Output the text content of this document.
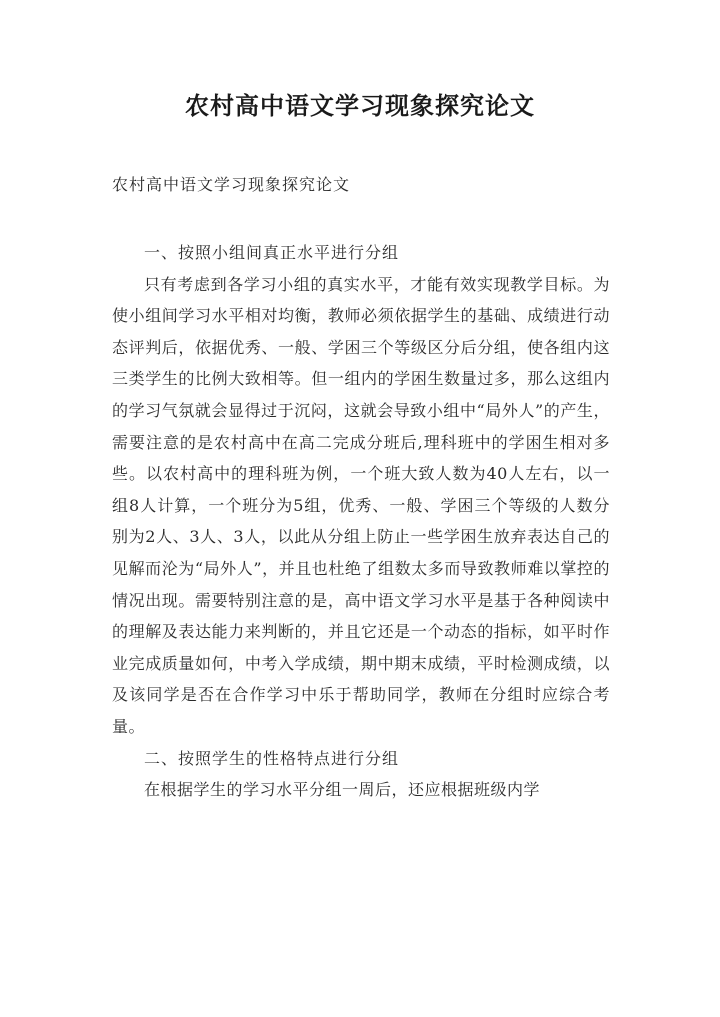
农村高中语文学习现象探究论文
农村高中语文学习现象探究论文

一、按照小组间真正水平进行分组

只有考虑到各学习小组的真实水平，才能有效实现教学目标。为使小组间学习水平相对均衡，教师必须依据学生的基础、成绩进行动态评判后，依据优秀、一般、学困三个等级区分后分组，使各组内这三类学生的比例大致相等。但一组内的学困生数量过多，那么这组内的学习气氛就会显得过于沉闷，这就会导致小组中“局外人”的产生，需要注意的是农村高中在高二完成分班后,理科班中的学困生相对多些。以农村高中的理科班为例，一个班大致人数为40人左右，以一组8人计算，一个班分为5组，优秀、一般、学困三个等级的人数分别为2人、3人、3人，以此从分组上防止一些学困生放弃表达自己的见解而沦为“局外人”，并且也杜绝了组数太多而导致教师难以掌控的情况出现。需要特别注意的是，高中语文学习水平是基于各种阅读中的理解及表达能力来判断的，并且它还是一个动态的指标，如平时作业完成质量如何，中考入学成绩，期中期末成绩，平时检测成绩，以及该同学是否在合作学习中乐于帮助同学，教师在分组时应综合考量。

二、按照学生的性格特点进行分组

在根据学生的学习水平分组一周后，还应根据班级内学
